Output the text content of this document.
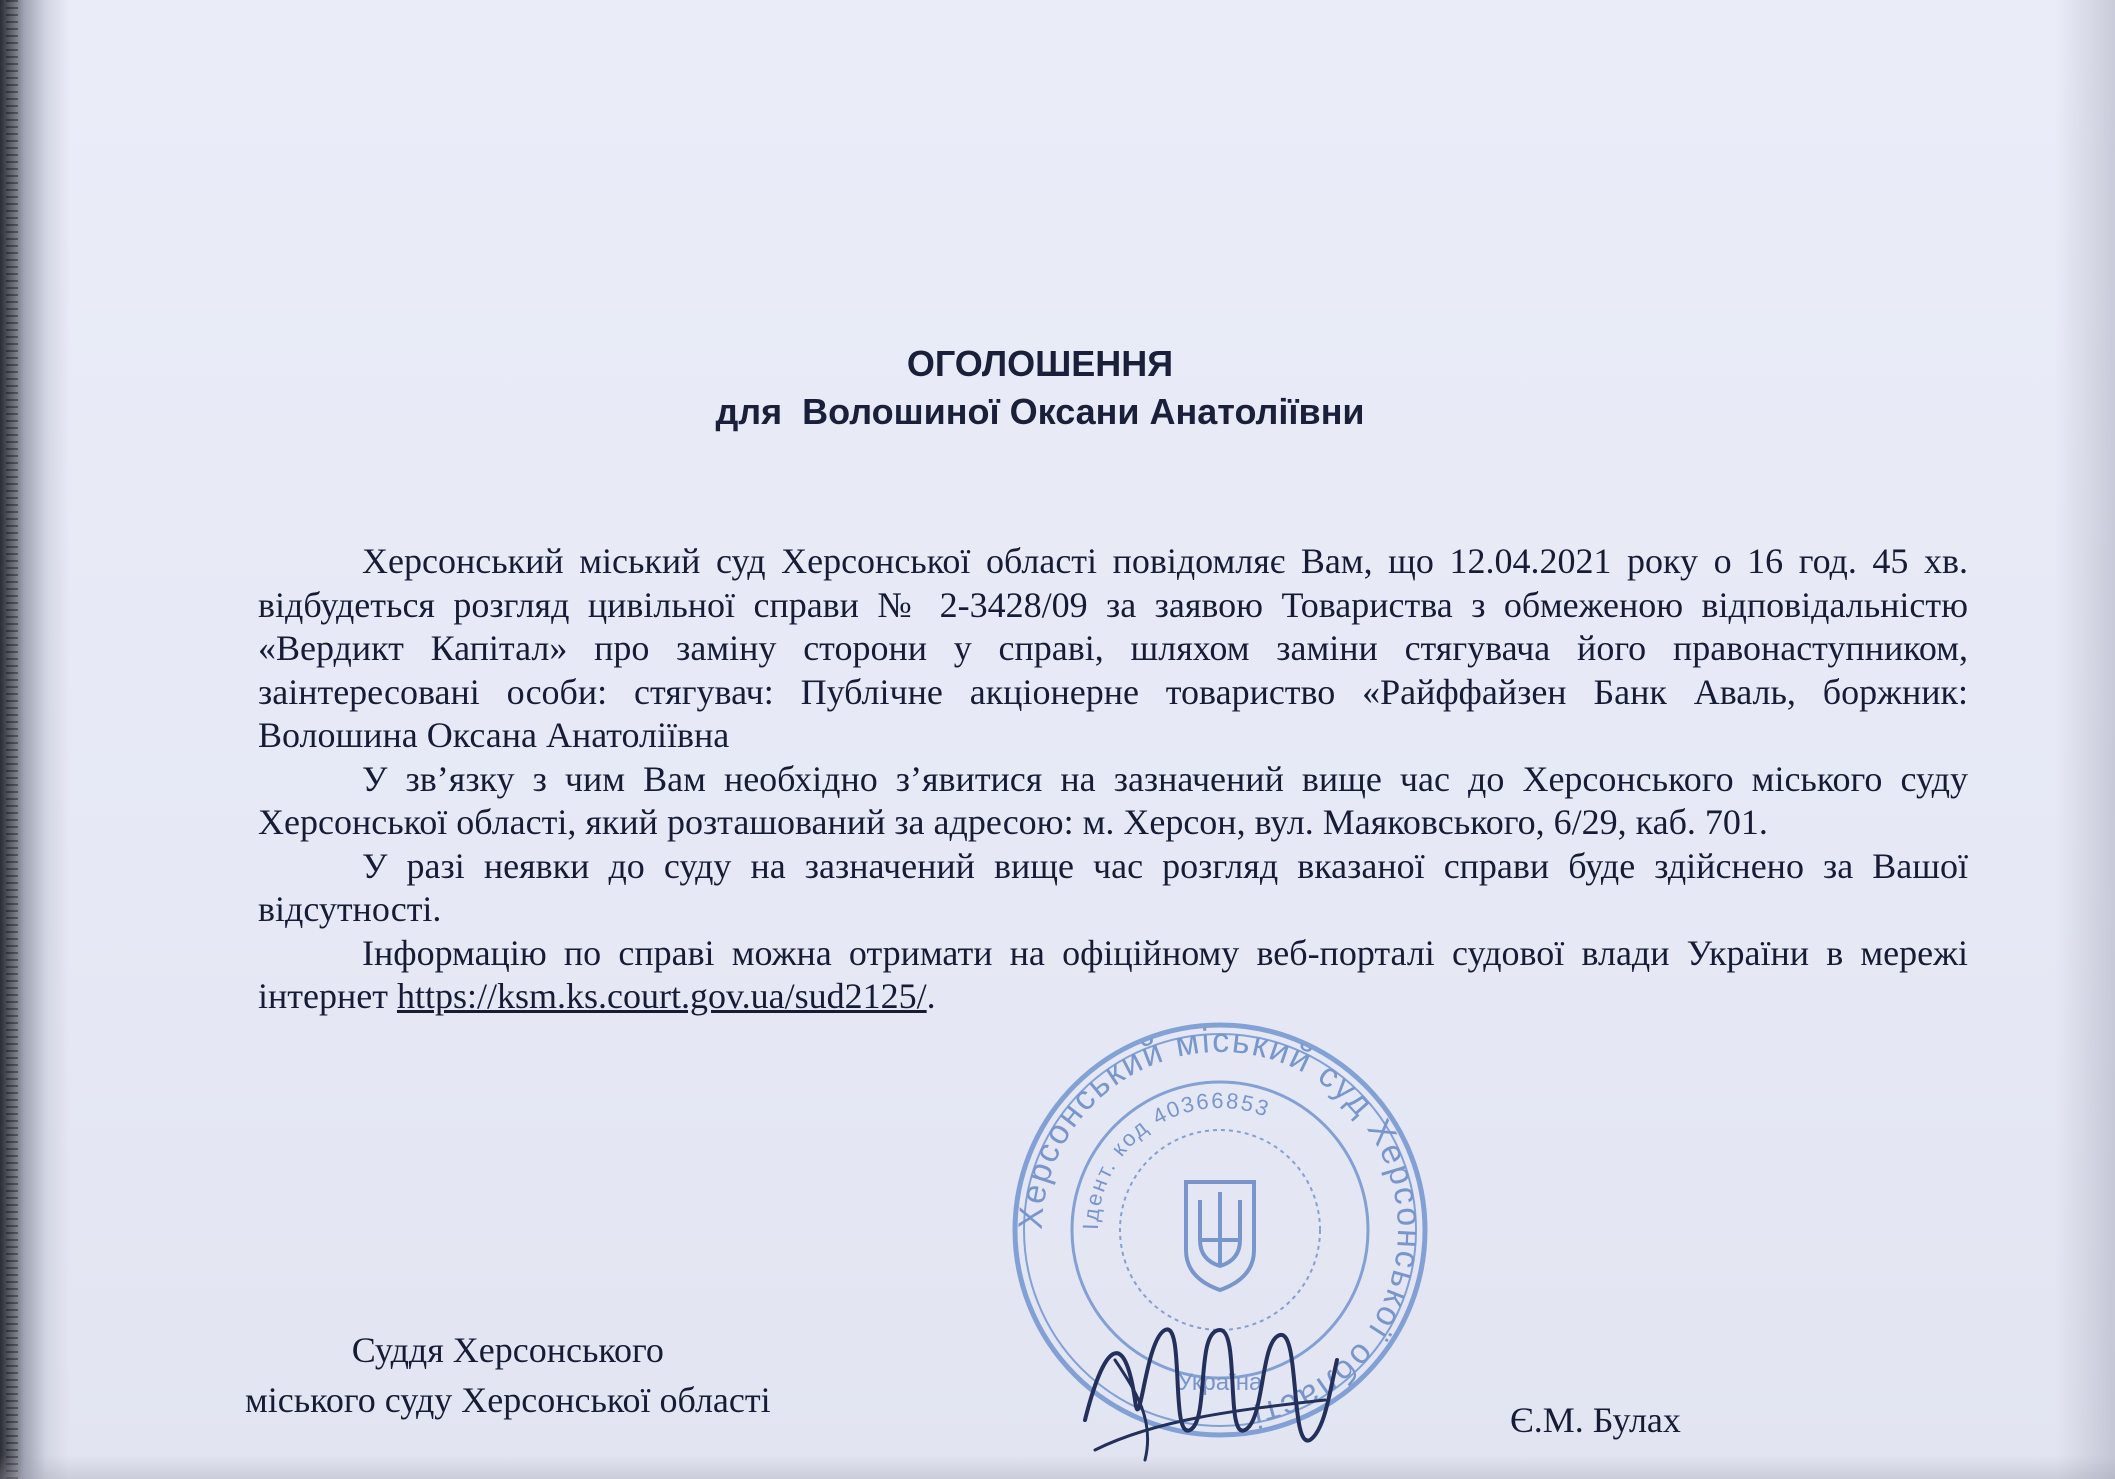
ОГОЛОШЕННЯ
для  Волошиної Оксани Анатоліївни

Херсонський міський суд Херсонської області повідомляє Вам, що 12.04.2021 року о 16 год. 45 хв. відбудеться розгляд цивільної справи № 2-3428/09 за заявою Товариства з обмеженою відповідальністю «Вердикт Капітал» про заміну сторони у справі, шляхом заміни стягувача його правонаступником, заінтересовані особи: стягувач: Публічне акціонерне товариство «Райффайзен Банк Аваль, боржник: Волошина Оксана Анатоліївна

У зв’язку з чим Вам необхідно з’явитися на зазначений вище час до Херсонського міського суду Херсонської області, який розташований за адресою: м. Херсон, вул. Маяковського, 6/29, каб. 701.

У разі неявки до суду на зазначений вище час розгляд вказаної справи буде здійснено за Вашої відсутності.

Інформацію по справі можна отримати на офіційному веб-порталі судової влади України в мережі інтернет https://ksm.ks.court.gov.ua/sud2125/.

Суддя Херсонського
міського суду Херсонської області	Є.М. Булах
Херсонський міський суд Херсонської області
Ідент. код 40366853
Україна
